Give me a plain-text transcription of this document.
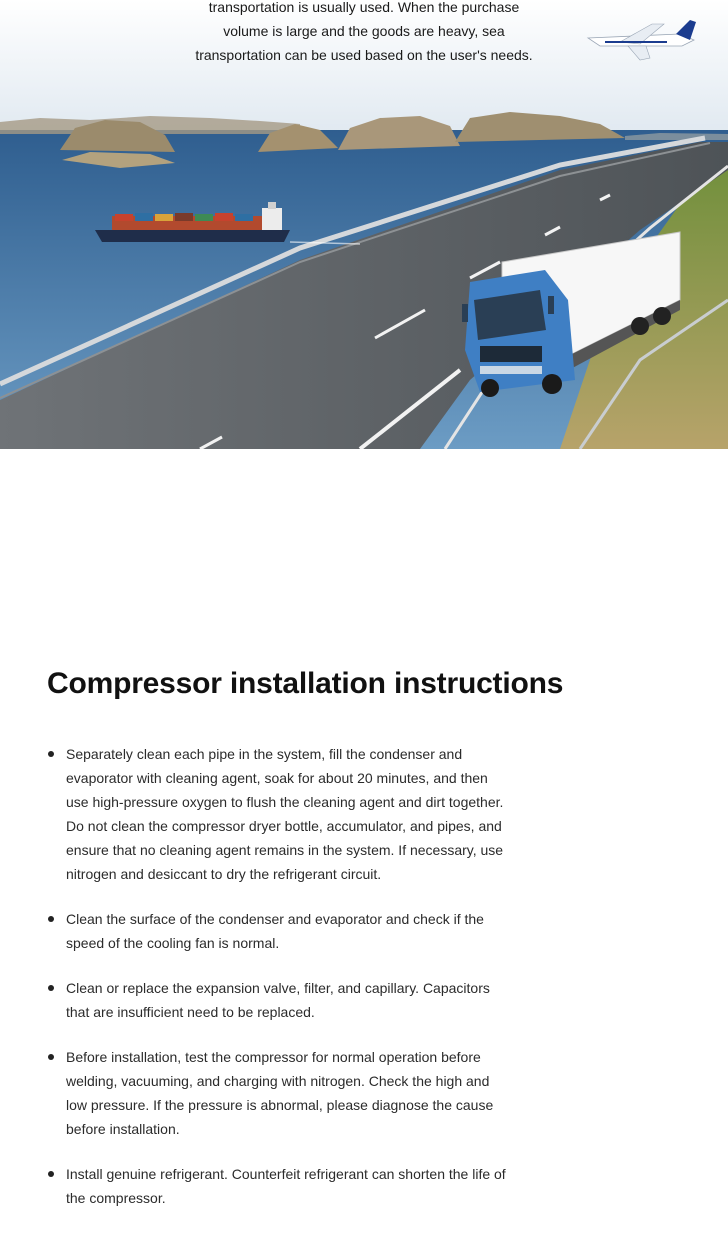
transportation is usually used. When the purchase
volume is large and the goods are heavy, sea
transportation can be used based on the user's needs.

Compressor installation instructions
Separately clean each pipe in the system, fill the condenser and evaporator with cleaning agent, soak for about 20 minutes, and then use high-pressure oxygen to flush the cleaning agent and dirt together. Do not clean the compressor dryer bottle, accumulator, and pipes, and ensure that no cleaning agent remains in the system. If necessary, use nitrogen and desiccant to dry the refrigerant circuit.
Clean the surface of the condenser and evaporator and check if the speed of the cooling fan is normal.
Clean or replace the expansion valve, filter, and capillary. Capacitors that are insufficient need to be replaced.
Before installation, test the compressor for normal operation before welding, vacuuming, and charging with nitrogen. Check the high and low pressure. If the pressure is abnormal, please diagnose the cause before installation.
Install genuine refrigerant. Counterfeit refrigerant can shorten the life of the compressor.
